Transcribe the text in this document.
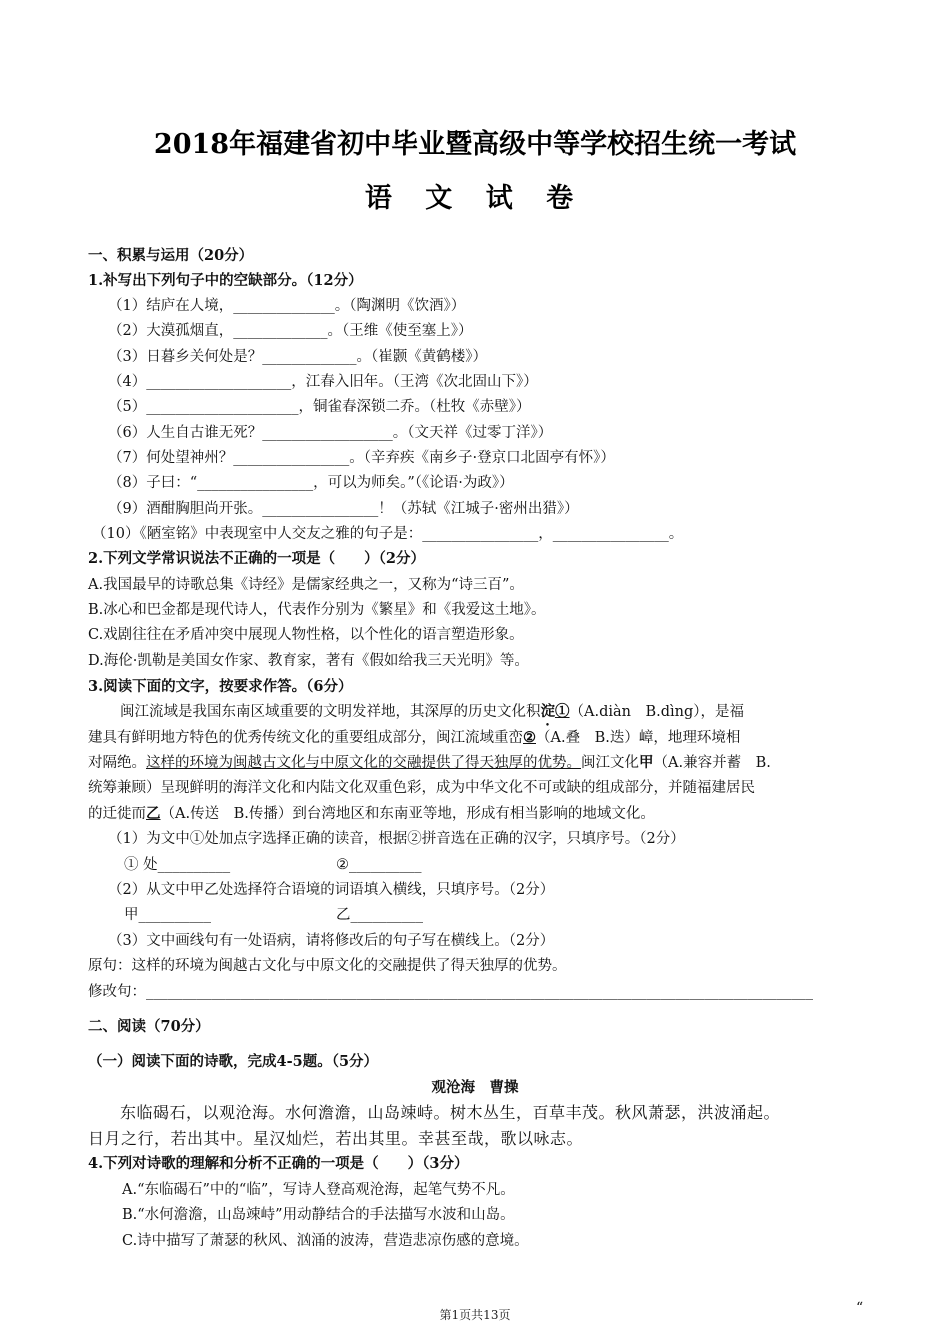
2018年福建省初中毕业暨高级中等学校招生统一考试
语 文 试 卷
一、积累与运用（20分）
1.补写出下列句子中的空缺部分。（12分）
（1）结庐在人境，______________。（陶渊明《饮酒》）
（2）大漠孤烟直，_____________。（王维《使至塞上》）
（3）日暮乡关何处是？_____________。（崔颢《黄鹤楼》）
（4）____________________，江春入旧年。（王湾《次北固山下》）
（5）_____________________，铜雀春深锁二乔。（杜牧《赤壁》）
（6）人生自古谁无死？__________________。（文天祥《过零丁洋》）
（7）何处望神州？________________。（辛弃疾《南乡子·登京口北固亭有怀》）
（8）子曰：“________________，可以为师矣。”（《论语·为政》）
（9）酒酣胸胆尚开张。________________！（苏轼《江城子·密州出猎》）
（10）《陋室铭》中表现室中人交友之雅的句子是：________________，________________。
2.下列文学常识说法不正确的一项是（　　）（2分）
A.我国最早的诗歌总集《诗经》是儒家经典之一，又称为“诗三百”。
B.冰心和巴金都是现代诗人，代表作分别为《繁星》和《我爱这土地》。
C.戏剧往往在矛盾冲突中展现人物性格，以个性化的语言塑造形象。
D.海伦·凯勒是美国女作家、教育家，著有《假如给我三天光明》等。
3.阅读下面的文字，按要求作答。（6分）
闽江流域是我国东南区域重要的文明发祥地，其深厚的历史文化积淀①（A.diàn　B.dìng），是福
建具有鲜明地方特色的优秀传统文化的重要组成部分，闽江流域重峦②（A.叠　B.迭）嶂，地理环境相
对隔绝。这样的环境为闽越古文化与中原文化的交融提供了得天独厚的优势。闽江文化甲（A.兼容并蓄　B.
统筹兼顾）呈现鲜明的海洋文化和内陆文化双重色彩，成为中华文化不可或缺的组成部分，并随福建居民
的迁徙而乙（A.传送　B.传播）到台湾地区和东南亚等地，形成有相当影响的地域文化。
（1）为文中①处加点字选择正确的读音，根据②拼音选在正确的汉字，只填序号。（2分）
① 处__________	②__________
（2）从文中甲乙处选择符合语境的词语填入横线，只填序号。（2分）
甲__________	乙__________
（3）文中画线句有一处语病，请将修改后的句子写在横线上。（2分）
原句：这样的环境为闽越古文化与中原文化的交融提供了得天独厚的优势。
修改句：____________________________________________________________________________________________
二、阅读（70分）
（一）阅读下面的诗歌，完成4-5题。（5分）
观沧海　曹操
东临碣石，以观沧海。水何澹澹，山岛竦峙。树木丛生，百草丰茂。秋风萧瑟，洪波涌起。
日月之行，若出其中。星汉灿烂，若出其里。幸甚至哉，歌以咏志。
4.下列对诗歌的理解和分析不正确的一项是（　　）（3分）
A.“东临碣石”中的“临”，写诗人登高观沧海，起笔气势不凡。
B.“水何澹澹，山岛竦峙”用动静结合的手法描写水波和山岛。
C.诗中描写了萧瑟的秋风、汹涌的波涛，营造悲凉伤感的意境。
第1页共13页	“
